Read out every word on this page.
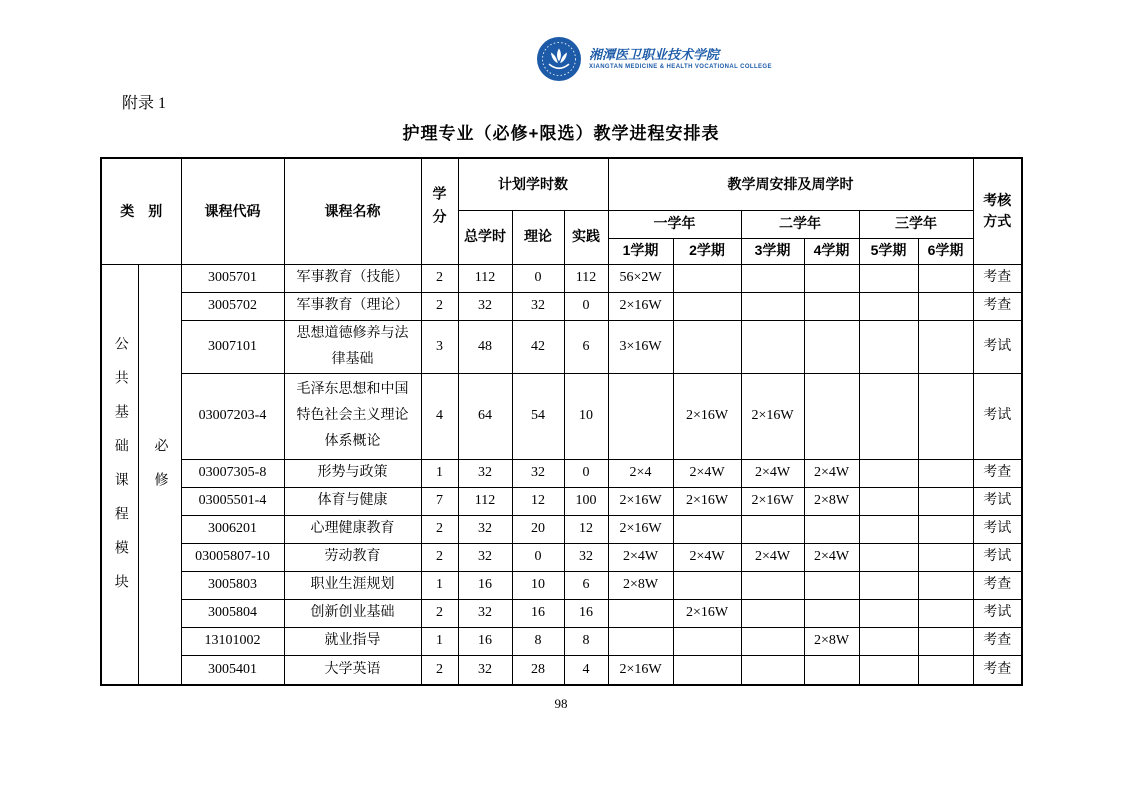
湘潭医卫职业技术学院
XIANGTAN MEDICINE & HEALTH VOCATIONAL COLLEGE
附录 1
护理专业（必修+限选）教学进程安排表
类　别		课程代码	课程名称	学分	计划学时数			教学周安排及周学时						考核方式
					总学时	理论	实践	一学年		二学年		三学年		
								1学期	2学期	3学期	4学期	5学期	6学期	
公共基础课程模块	必修	3005701	军事教育（技能）	2	112	0	112	56×2W						考查
		3005702	军事教育（理论）	2	32	32	0	2×16W						考查
		3007101	思想道德修养与法律基础	3	48	42	6	3×16W						考试
		03007203-4	毛泽东思想和中国特色社会主义理论体系概论	4	64	54	10		2×16W	2×16W				考试
		03007305-8	形势与政策	1	32	32	0	2×4	2×4W	2×4W	2×4W			考查
		03005501-4	体育与健康	7	112	12	100	2×16W	2×16W	2×16W	2×8W			考试
		3006201	心理健康教育	2	32	20	12	2×16W						考试
		03005807-10	劳动教育	2	32	0	32	2×4W	2×4W	2×4W	2×4W			考试
		3005803	职业生涯规划	1	16	10	6	2×8W						考查
		3005804	创新创业基础	2	32	16	16		2×16W					考试
		13101002	就业指导	1	16	8	8				2×8W			考查
		3005401	大学英语	2	32	28	4	2×16W						考查
98
